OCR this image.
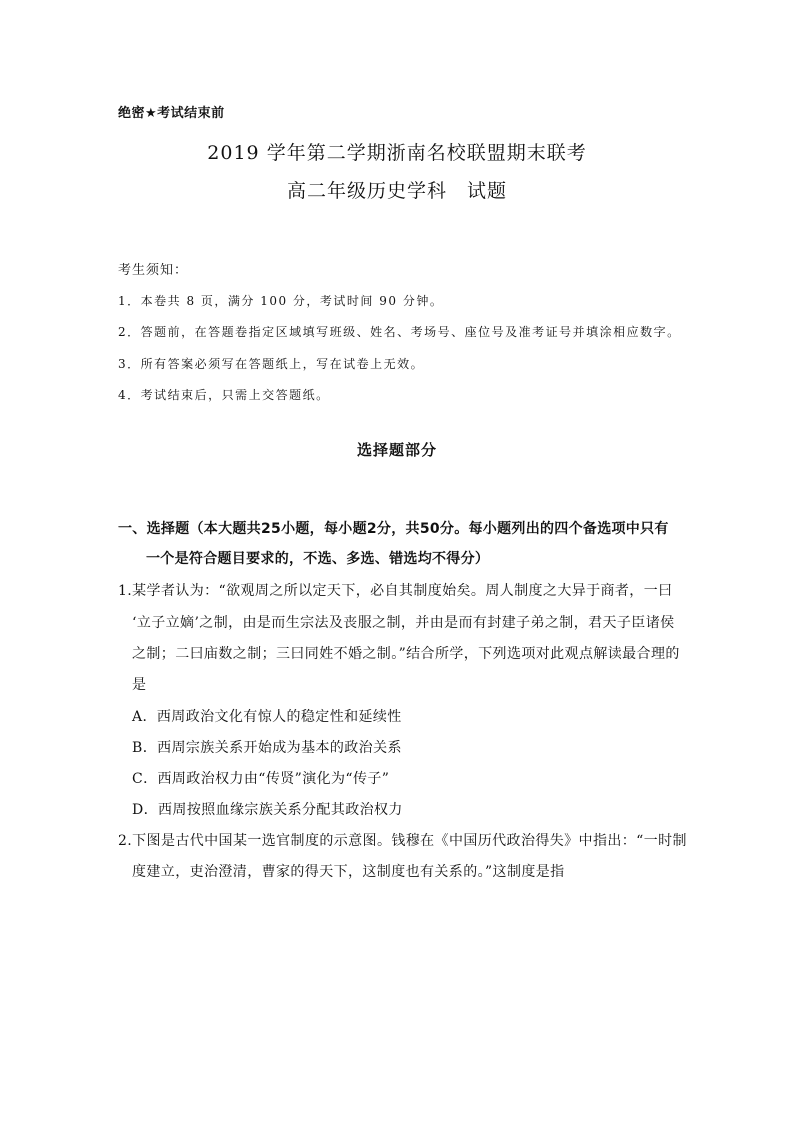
绝密★考试结束前
2019 学年第二学期浙南名校联盟期末联考
高二年级历史学科　试题
考生须知：
1．本卷共 8 页，满分 100 分，考试时间 90 分钟。
2．答题前，在答题卷指定区域填写班级、姓名、考场号、座位号及准考证号并填涂相应数字。
3．所有答案必须写在答题纸上，写在试卷上无效。
4．考试结束后，只需上交答题纸。
选择题部分
一、选择题（本大题共25小题，每小题2分，共50分。每小题列出的四个备选项中只有
一个是符合题目要求的，不选、多选、错选均不得分）
1.某学者认为：“欲观周之所以定天下，必自其制度始矣。周人制度之大异于商者，一曰
‘立子立嫡’之制，由是而生宗法及丧服之制，并由是而有封建子弟之制，君天子臣诸侯
之制；二曰庙数之制；三曰同姓不婚之制。”结合所学，下列选项对此观点解读最合理的
是
A．西周政治文化有惊人的稳定性和延续性
B．西周宗族关系开始成为基本的政治关系
C．西周政治权力由“传贤”演化为“传子”
D．西周按照血缘宗族关系分配其政治权力
2.下图是古代中国某一选官制度的示意图。钱穆在《中国历代政治得失》中指出：“一时制
度建立，吏治澄清，曹家的得天下，这制度也有关系的。”这制度是指
